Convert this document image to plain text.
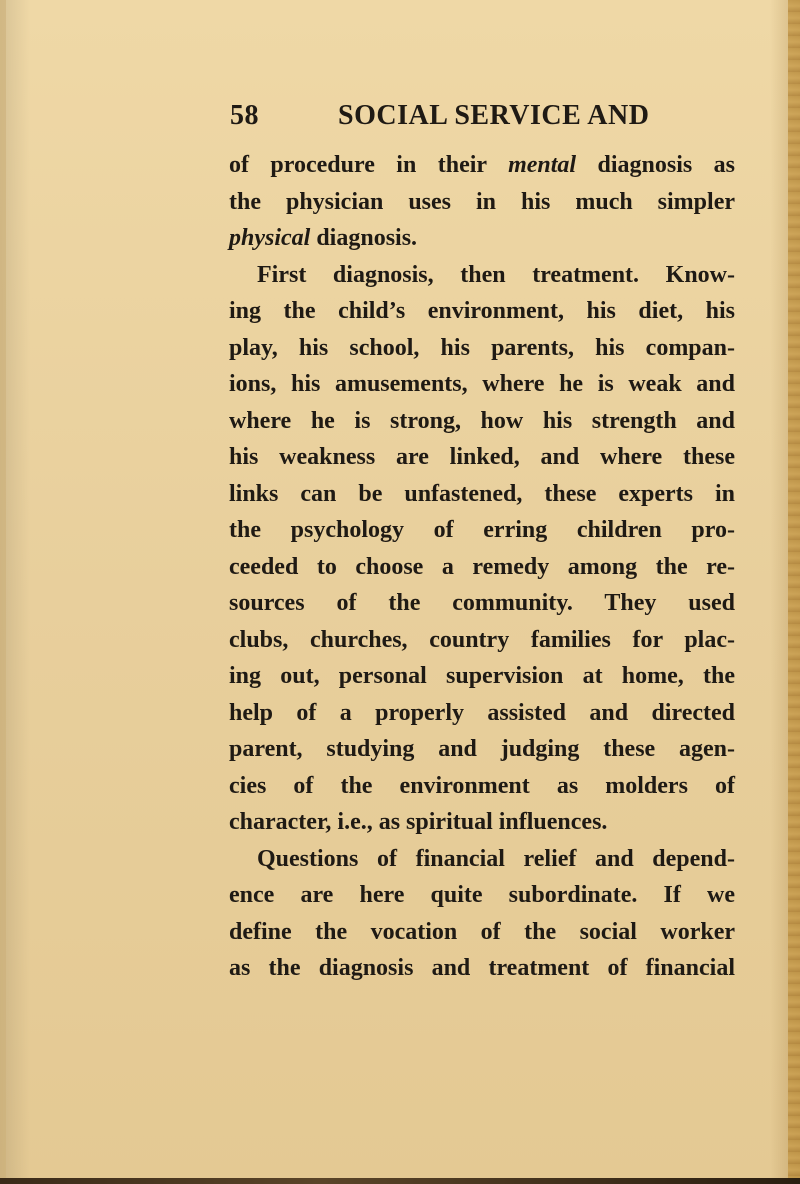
58	SOCIAL SERVICE AND
of procedure in their mental diagnosis as
the physician uses in his much simpler
physical diagnosis.
First diagnosis, then treatment. Know-
ing the child’s environment, his diet, his
play, his school, his parents, his compan-
ions, his amusements, where he is weak and
where he is strong, how his strength and
his weakness are linked, and where these
links can be unfastened, these experts in
the psychology of erring children pro-
ceeded to choose a remedy among the re-
sources of the community. They used
clubs, churches, country families for plac-
ing out, personal supervision at home, the
help of a properly assisted and directed
parent, studying and judging these agen-
cies of the environment as molders of
character, i.e., as spiritual influences.
Questions of financial relief and depend-
ence are here quite subordinate. If we
define the vocation of the social worker
as the diagnosis and treatment of financial
